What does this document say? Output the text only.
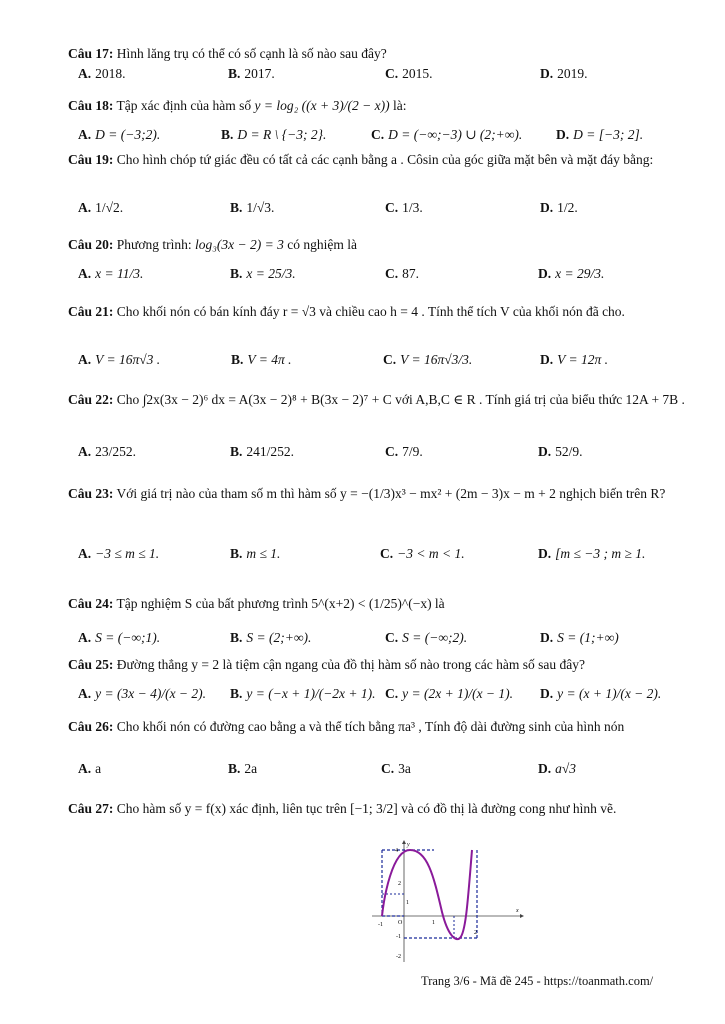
Câu 17: Hình lăng trụ có thể có số cạnh là số nào sau đây?
A. 2018.	B. 2017.	C. 2015.	D. 2019.
Câu 18: Tập xác định của hàm số y = log₂ ((x + 3)/(2 − x)) là:
A. D = (−3;2).	B. D = R \ {−3; 2}.	C. D = (−∞;−3) ∪ (2;+∞).	D. D = [−3; 2].
Câu 19: Cho hình chóp tứ giác đều có tất cả các cạnh bằng a . Côsin của góc giữa mặt bên và mặt đáy bằng:
A. 1/√2.	B. 1/√3.	C. 1/3.	D. 1/2.
Câu 20: Phương trình: log₃(3x − 2) = 3 có nghiệm là
A. x = 11/3.	B. x = 25/3.	C. 87.	D. x = 29/3.
Câu 21: Cho khối nón có bán kính đáy r = √3 và chiều cao h = 4 . Tính thể tích V của khối nón đã cho.
A. V = 16π√3 .	B. V = 4π .	C. V = 16π√3/3.	D. V = 12π .
Câu 22: Cho ∫2x(3x − 2)⁶ dx = A(3x − 2)⁸ + B(3x − 2)⁷ + C với A,B,C ∈ R . Tính giá trị của biểu thức 12A + 7B .
A. 23/252.	B. 241/252.	C. 7/9.	D. 52/9.
Câu 23: Với giá trị nào của tham số m thì hàm số y = −(1/3)x³ − mx² + (2m − 3)x − m + 2 nghịch biến trên R?
A. −3 ≤ m ≤ 1.	B. m ≤ 1.	C. −3 < m < 1.	D. [m ≤ −3 ; m ≥ 1.
Câu 24: Tập nghiệm S của bất phương trình 5^(x+2) < (1/25)^(−x) là
A. S = (−∞;1).	B. S = (2;+∞).	C. S = (−∞;2).	D. S = (1;+∞)
Câu 25: Đường thẳng y = 2 là tiệm cận ngang của đồ thị hàm số nào trong các hàm số sau đây?
A. y = (3x − 4)/(x − 2). B. y = (−x + 1)/(−2x + 1). C. y = (2x + 1)/(x − 1). D. y = (x + 1)/(x − 2).
Câu 26: Cho khối nón có đường cao bằng a và thể tích bằng πa³ , Tính độ dài đường sinh của hình nón
A. a	B. 2a	C. 3a	D. a√3
Câu 27: Cho hàm số y = f(x) xác định, liên tục trên [−1; 3/2] và có đồ thị là đường cong như hình vẽ.
4
2
1
-1
-2
-1	O	1
2
x
y
Trang 3/6 - Mã đề 245 - https://toanmath.com/
